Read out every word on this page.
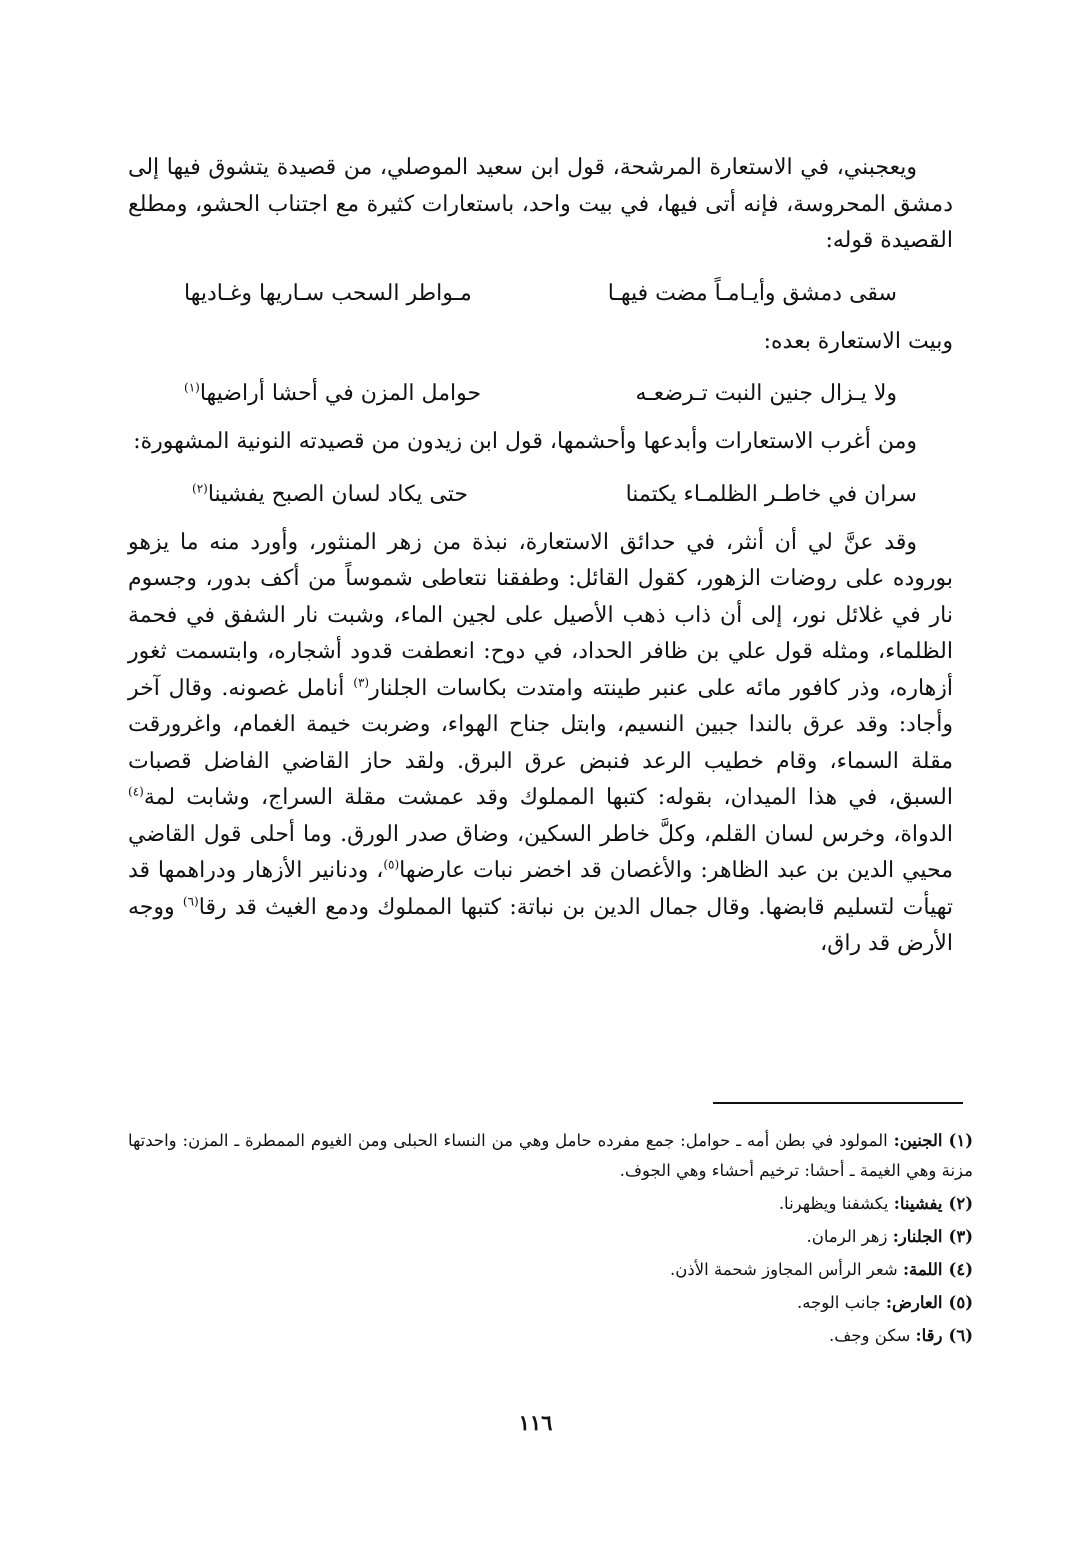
ويعجبني، في الاستعارة المرشحة، قول ابن سعيد الموصلي، من قصيدة يتشوق فيها إلى دمشق المحروسة، فإنه أتى فيها، في بيت واحد، باستعارات كثيرة مع اجتناب الحشو، ومطلع القصيدة قوله:

سقى دمشق وأيـامـاً مضت فيهـا
مـواطر السحب سـاريها وغـاديها

وبيت الاستعارة بعده:

ولا يـزال جنين النبت تـرضعـه
حوامل المزن في أحشا أراضيها$^{(١)}$

ومن أغرب الاستعارات وأبدعها وأحشمها، قول ابن زيدون من قصيدته النونية المشهورة:

سران في خاطـر الظلمـاء يكتمنا
حتى يكاد لسان الصبح يفشينا$^{(٢)}$

وقد عنَّ لي أن أنثر، في حدائق الاستعارة، نبذة من زهر المنثور، وأورد منه ما يزهو بوروده على روضات الزهور، كقول القائل: وطفقنا نتعاطى شموساً من أكف بدور، وجسوم نار في غلائل نور، إلى أن ذاب ذهب الأصيل على لجين الماء، وشبت نار الشفق في فحمة الظلماء، ومثله قول علي بن ظافر الحداد، في دوح: انعطفت قدود أشجاره، وابتسمت ثغور أزهاره، وذر كافور مائه على عنبر طينته وامتدت بكاسات الجلنار$^{(٣)}$ أنامل غصونه. وقال آخر وأجاد: وقد عرق بالندا جبين النسيم، وابتل جناح الهواء، وضربت خيمة الغمام، واغرورقت مقلة السماء، وقام خطيب الرعد فنبض عرق البرق. ولقد حاز القاضي الفاضل قصبات السبق، في هذا الميدان، بقوله: كتبها المملوك وقد عمشت مقلة السراج، وشابت لمة$^{(٤)}$ الدواة، وخرس لسان القلم، وكلَّ خاطر السكين، وضاق صدر الورق. وما أحلى قول القاضي محيي الدين بن عبد الظاهر: والأغصان قد اخضر نبات عارضها$^{(٥)}$، ودنانير الأزهار ودراهمها قد تهيأت لتسليم قابضها. وقال جمال الدين بن نباتة: كتبها المملوك ودمع الغيث قد رقا$^{(٦)}$ ووجه الأرض قد راق،

(١)الجنين: المولود في بطن أمه ـ حوامل: جمع مفرده حامل وهي من النساء الحبلى ومن الغيوم الممطرة ـ المزن: واحدتها مزنة وهي الغيمة ـ أحشا: ترخيم أحشاء وهي الجوف.

(٢)يفشينا: يكشفنا ويظهرنا.

(٣)الجلنار: زهر الرمان.

(٤)اللمة: شعر الرأس المجاوز شحمة الأذن.

(٥)العارض: جانب الوجه.

(٦)رقا: سكن وجف.

١١٦
